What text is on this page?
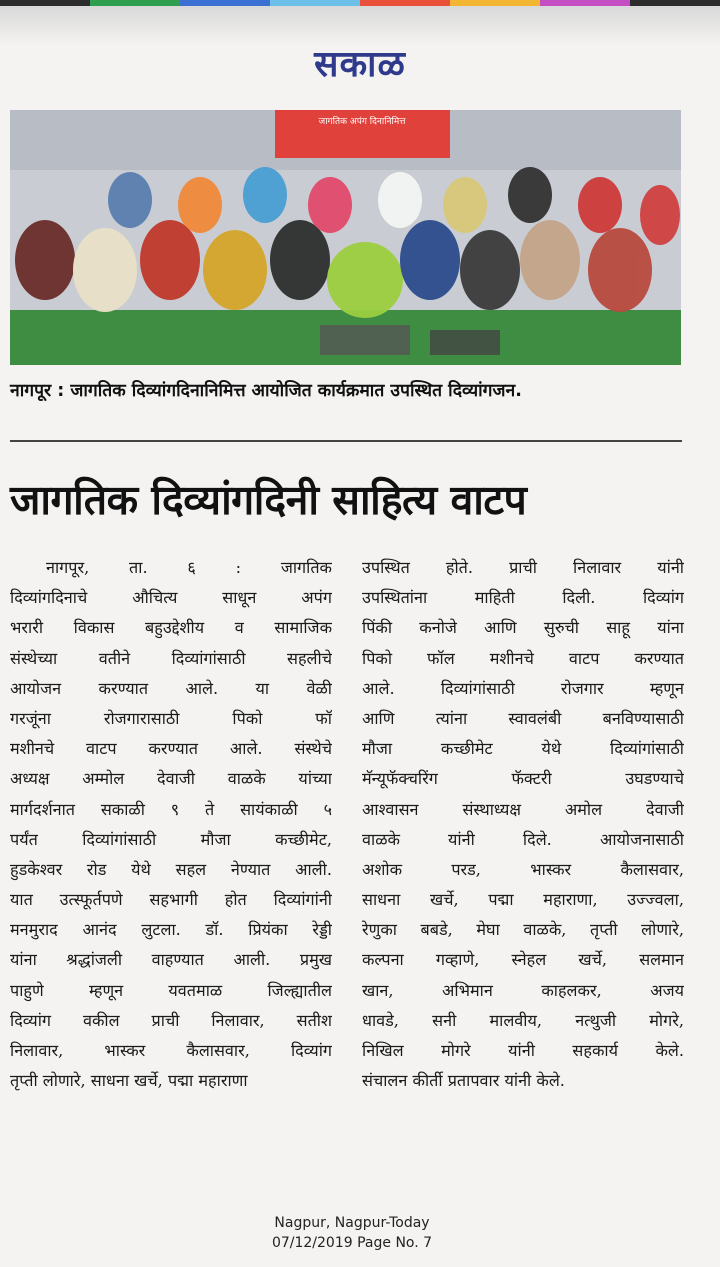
सकाळ
जागतिक अपंग दिनानिमित्त
नागपूर : जागतिक दिव्यांगदिनानिमित्त आयोजित कार्यक्रमात उपस्थित दिव्यांगजन.
जागतिक दिव्यांगदिनी साहित्य वाटप
नागपूर, ता. ६ : जागतिक
दिव्यांगदिनाचे औचित्य साधून अपंग
भरारी विकास बहुउद्देशीय व सामाजिक
संस्थेच्या वतीने दिव्यांगांसाठी सहलीचे
आयोजन करण्यात आले. या वेळी
गरजूंना रोजगारासाठी पिको फॉ
मशीनचे वाटप करण्यात आले. संस्थेचे
अध्यक्ष अम्मोल देवाजी वाळके यांच्या
मार्गदर्शनात सकाळी ९ ते सायंकाळी ५
पर्यंत दिव्यांगांसाठी मौजा कच्छीमेट,
हुडकेश्वर रोड येथे सहल नेण्यात आली.
यात उत्स्फूर्तपणे सहभागी होत दिव्यांगांनी
मनमुराद आनंद लुटला. डॉ. प्रियंका रेड्डी
यांना श्रद्धांजली वाहण्यात आली. प्रमुख
पाहुणे म्हणून यवतमाळ जिल्ह्यातील
दिव्यांग वकील प्राची निलावार, सतीश
निलावार, भास्कर कैलासवार, दिव्यांग
तृप्ती लोणारे, साधना खर्चे, पद्मा महाराणा
उपस्थित होते. प्राची निलावार यांनी
उपस्थितांना माहिती दिली. दिव्यांग
पिंकी कनोजे आणि सुरुची साहू यांना
पिको फॉल मशीनचे वाटप करण्यात
आले. दिव्यांगांसाठी रोजगार म्हणून
आणि त्यांना स्वावलंबी बनविण्यासाठी
मौजा कच्छीमेट येथे दिव्यांगांसाठी
मॅन्यूफॅक्चरिंग फॅक्टरी उघडण्याचे
आश्वासन संस्थाध्यक्ष अमोल देवाजी
वाळके यांनी दिले. आयोजनासाठी
अशोक परड, भास्कर कैलासवार,
साधना खर्चे, पद्मा महाराणा, उज्ज्वला,
रेणुका बबडे, मेघा वाळके, तृप्ती लोणारे,
कल्पना गव्हाणे, स्नेहल खर्चे, सलमान
खान, अभिमान काहलकर, अजय
धावडे, सनी मालवीय, नत्थुजी मोगरे,
निखिल मोगरे यांनी सहकार्य केले.
संचालन कीर्ती प्रतापवार यांनी केले.
Nagpur, Nagpur-Today
07/12/2019 Page No. 7
